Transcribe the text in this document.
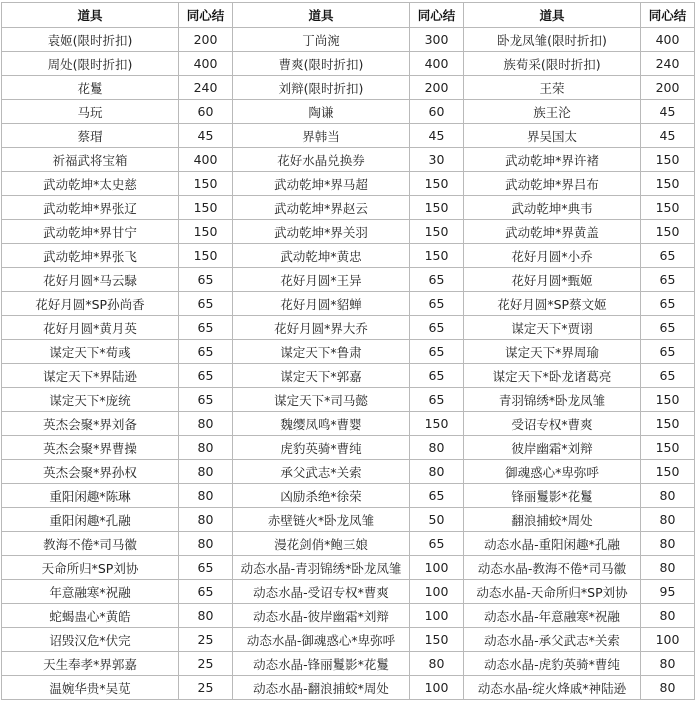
道具	同心结	道具	同心结	道具	同心结
袁姬(限时折扣)	200	丁尚涴	300	卧龙凤雏(限时折扣)	400
周处(限时折扣)	400	曹爽(限时折扣)	400	族荀采(限时折扣)	240
花鬘	240	刘辩(限时折扣)	200	王荣	200
马玩	60	陶谦	60	族王沦	45
蔡瑁	45	界韩当	45	界吴国太	45
祈福武将宝箱	400	花好水晶兑换券	30	武动乾坤*界许褚	150
武动乾坤*太史慈	150	武动乾坤*界马超	150	武动乾坤*界吕布	150
武动乾坤*界张辽	150	武动乾坤*界赵云	150	武动乾坤*典韦	150
武动乾坤*界甘宁	150	武动乾坤*界关羽	150	武动乾坤*界黄盖	150
武动乾坤*界张飞	150	武动乾坤*黄忠	150	花好月圆*小乔	65
花好月圆*马云騄	65	花好月圆*王异	65	花好月圆*甄姬	65
花好月圆*SP孙尚香	65	花好月圆*貂蝉	65	花好月圆*SP蔡文姬	65
花好月圆*黄月英	65	花好月圆*界大乔	65	谋定天下*贾诩	65
谋定天下*荀彧	65	谋定天下*鲁肃	65	谋定天下*界周瑜	65
谋定天下*界陆逊	65	谋定天下*郭嘉	65	谋定天下*卧龙诸葛亮	65
谋定天下*庞统	65	谋定天下*司马懿	65	青羽锦绣*卧龙凤雏	150
英杰会聚*界刘备	80	魏缨凤鸣*曹婴	150	受诏专权*曹爽	150
英杰会聚*界曹操	80	虎豹英骑*曹纯	80	彼岸幽霜*刘辩	150
英杰会聚*界孙权	80	承父武志*关索	80	御魂惑心*卑弥呼	150
重阳闲趣*陈琳	80	凶励杀绝*徐荣	65	锋丽鬘影*花鬘	80
重阳闲趣*孔融	80	赤壁链火*卧龙凤雏	50	翻浪捕蛟*周处	80
教海不倦*司马徽	80	漫花剑俏*鲍三娘	65	动态水晶-重阳闲趣*孔融	80
天命所归*SP刘协	65	动态水晶-青羽锦绣*卧龙凤雏	100	动态水晶-教海不倦*司马徽	80
年意融寒*祝融	65	动态水晶-受诏专权*曹爽	100	动态水晶-天命所归*SP刘协	95
蛇蝎蛊心*黄皓	80	动态水晶-彼岸幽霜*刘辩	100	动态水晶-年意融寒*祝融	80
诏毁汉危*伏完	25	动态水晶-御魂惑心*卑弥呼	150	动态水晶-承父武志*关索	100
天生奉孝*界郭嘉	25	动态水晶-锋丽鬘影*花鬘	80	动态水晶-虎豹英骑*曹纯	80
温婉华贵*吴苋	25	动态水晶-翻浪捕蛟*周处	100	动态水晶-绽火烽戚*神陆逊	80
